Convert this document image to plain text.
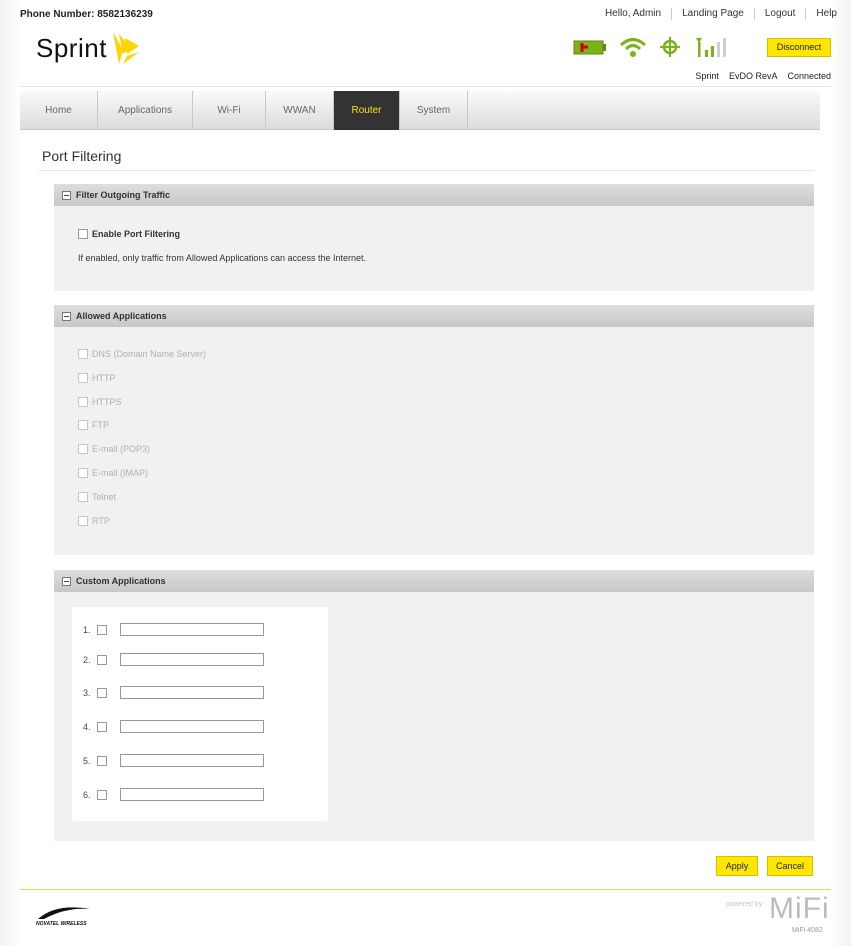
Phone Number: 8582136239	Hello, Admin	Landing Page	Logout	Help
Sprint	Disconnect
Sprint EvDO RevA Connected
Home	Applications	Wi-Fi	WWAN	Router	System
Port Filtering
Filter Outgoing Traffic
Enable Port Filtering
If enabled, only traffic from Allowed Applications can access the Internet.
Allowed Applications
DNS (Domain Name Server)
HTTP
HTTPS
FTP
E-mail (POP3)
E-mail (IMAP)
Telnet
RTP
Custom Applications
1.
2.
3.
4.
5.
6.
Apply	Cancel
NOVATEL WIRELESS
powered by MiFi
MiFi 4082
